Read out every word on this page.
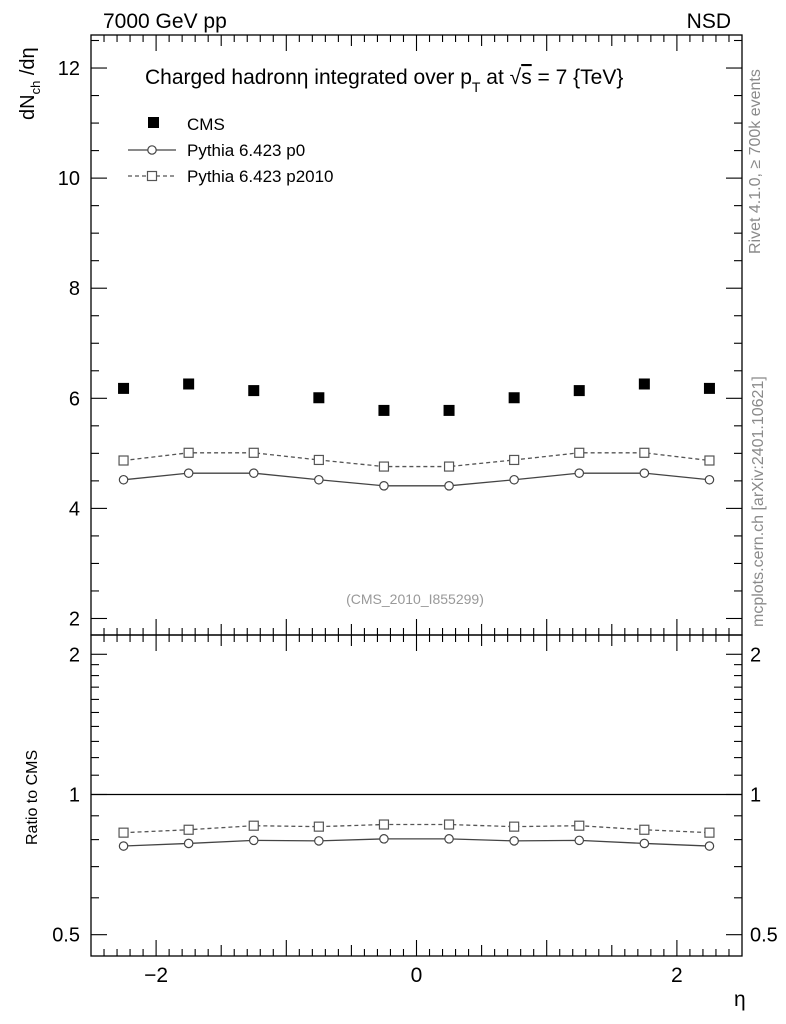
7000 GeV pp	NSD
Charged hadronη integrated over $p_T$ at √s = 7 {TeV}
$dN_{ch}$ /dη
Ratio to CMS
Rivet 4.1.0, ≥ 700k events
mcplots.cern.ch [arXiv:2401.10621]
(CMS_2010_I855299)
η
2
4
6
8
10
12
0.5	0.5
1	1
2	2
−2	0	2
CMS
Pythia 6.423 p0
Pythia 6.423 p2010
